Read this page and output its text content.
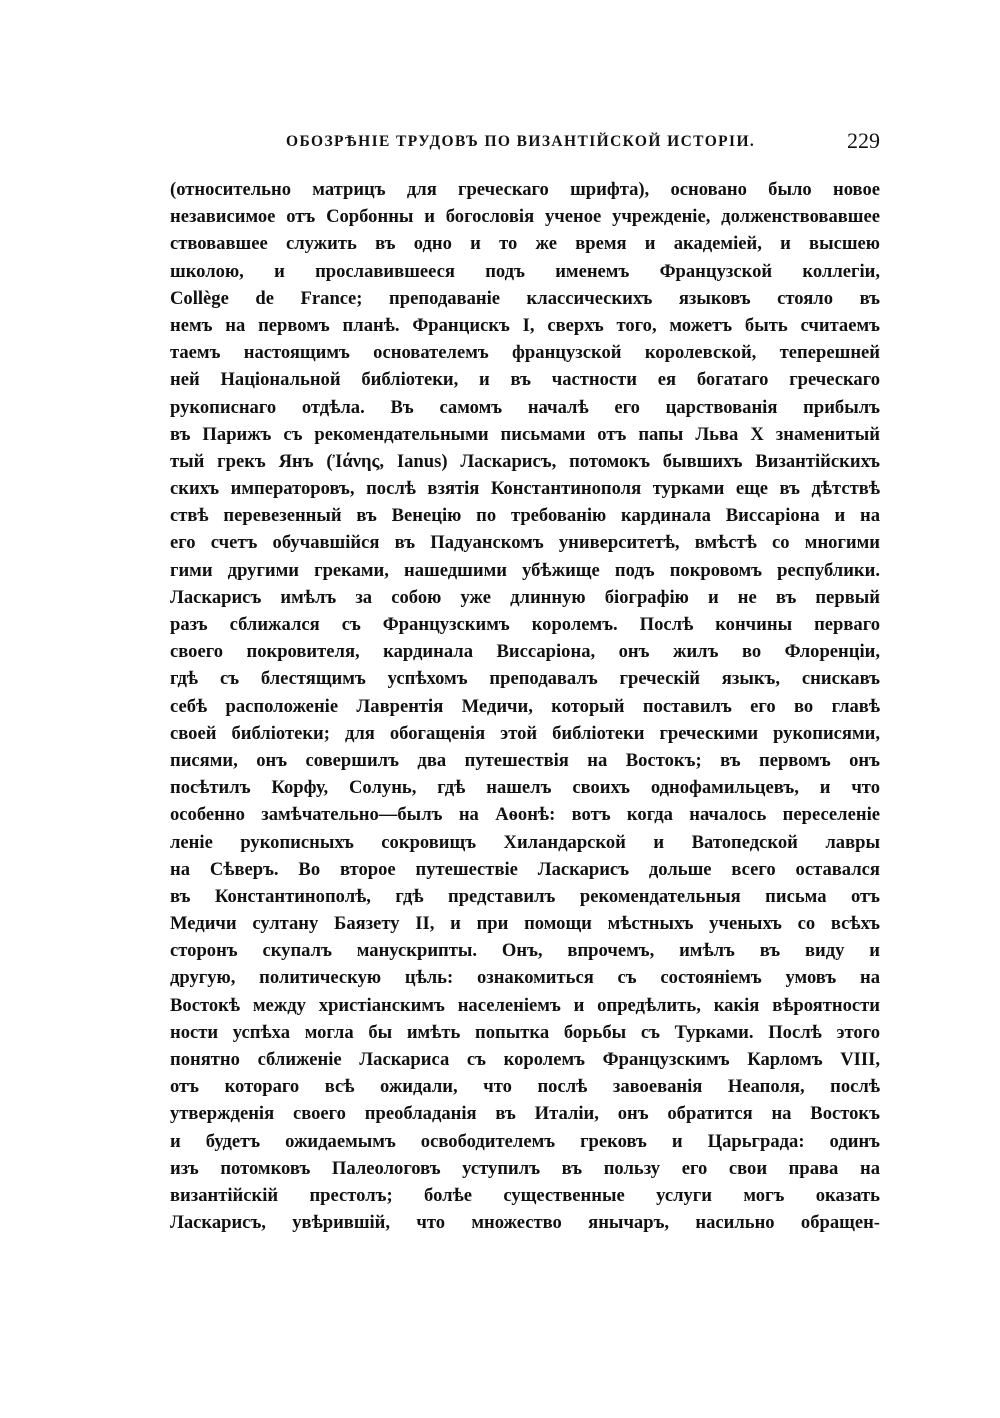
ОБОЗРѢНІЕ ТРУДОВЪ ПО ВИЗАНТІЙСКОЙ ИСТОРІИ.	229
(относительно матрицъ для греческаго шрифта), основано было новое
независимое отъ Сорбонны и богословія ученое учрежденіе, долженствовавшее
ствовавшее служить въ одно и то же время и академіей, и высшею
школою, и прославившееся подъ именемъ Французской коллегіи,
Collège de France; преподаваніе классическихъ языковъ стояло въ
немъ на первомъ планѣ. Францискъ I, сверхъ того, можетъ быть считаемъ
таемъ настоящимъ основателемъ французской королевской, теперешней
ней Національной библіотеки, и въ частности ея богатаго греческаго
рукописнаго отдѣла. Въ самомъ началѣ его царствованія прибылъ
въ Парижъ съ рекомендательными письмами отъ папы Льва X знаменитый
тый грекъ Янъ (Ἰάνης, Ianus) Ласкарисъ, потомокъ бывшихъ Византійскихъ
скихъ императоровъ, послѣ взятія Константинополя турками еще въ дѣтствѣ
ствѣ перевезенный въ Венецію по требованію кардинала Виссаріона и на
его счетъ обучавшійся въ Падуанскомъ университетѣ, вмѣстѣ со многими
гими другими греками, нашедшими убѣжище подъ покровомъ республики.
Ласкарисъ имѣлъ за собою уже длинную біографію и не въ первый
разъ сближался съ Французскимъ королемъ. Послѣ кончины перваго
своего покровителя, кардинала Виссаріона, онъ жилъ во Флоренціи,
гдѣ съ блестящимъ успѣхомъ преподавалъ греческій языкъ, снискавъ
себѣ расположеніе Лаврентія Медичи, который поставилъ его во главѣ
своей библіотеки; для обогащенія этой библіотеки греческими рукописями,
писями, онъ совершилъ два путешествія на Востокъ; въ первомъ онъ
посѣтилъ Корфу, Солунь, гдѣ нашелъ своихъ однофамильцевъ, и что
особенно замѣчательно—былъ на Аѳонѣ: вотъ когда началось переселеніе
леніе рукописныхъ сокровищъ Хиландарской и Ватопедской лавры
на Сѣверъ. Во второе путешествіе Ласкарисъ дольше всего оставался
въ Константинополѣ, гдѣ представилъ рекомендательныя письма отъ
Медичи султану Баязету II, и при помощи мѣстныхъ ученыхъ со всѣхъ
сторонъ скупалъ манускрипты. Онъ, впрочемъ, имѣлъ въ виду и
другую, политическую цѣль: ознакомиться съ состояніемъ умовъ на
Востокѣ между христіанскимъ населеніемъ и опредѣлить, какія вѣроятности
ности успѣха могла бы имѣть попытка борьбы съ Турками. Послѣ этого
понятно сближеніе Ласкариса съ королемъ Французскимъ Карломъ VIII,
отъ котораго всѣ ожидали, что послѣ завоеванія Неаполя, послѣ
утвержденія своего преобладанія въ Италіи, онъ обратится на Востокъ
и будетъ ожидаемымъ освободителемъ грековъ и Царьграда: одинъ
изъ потомковъ Палеологовъ уступилъ въ пользу его свои права на
византійскій престолъ; болѣе существенные услуги могъ оказать
Ласкарисъ, увѣрившій, что множество янычаръ, насильно обращен-
